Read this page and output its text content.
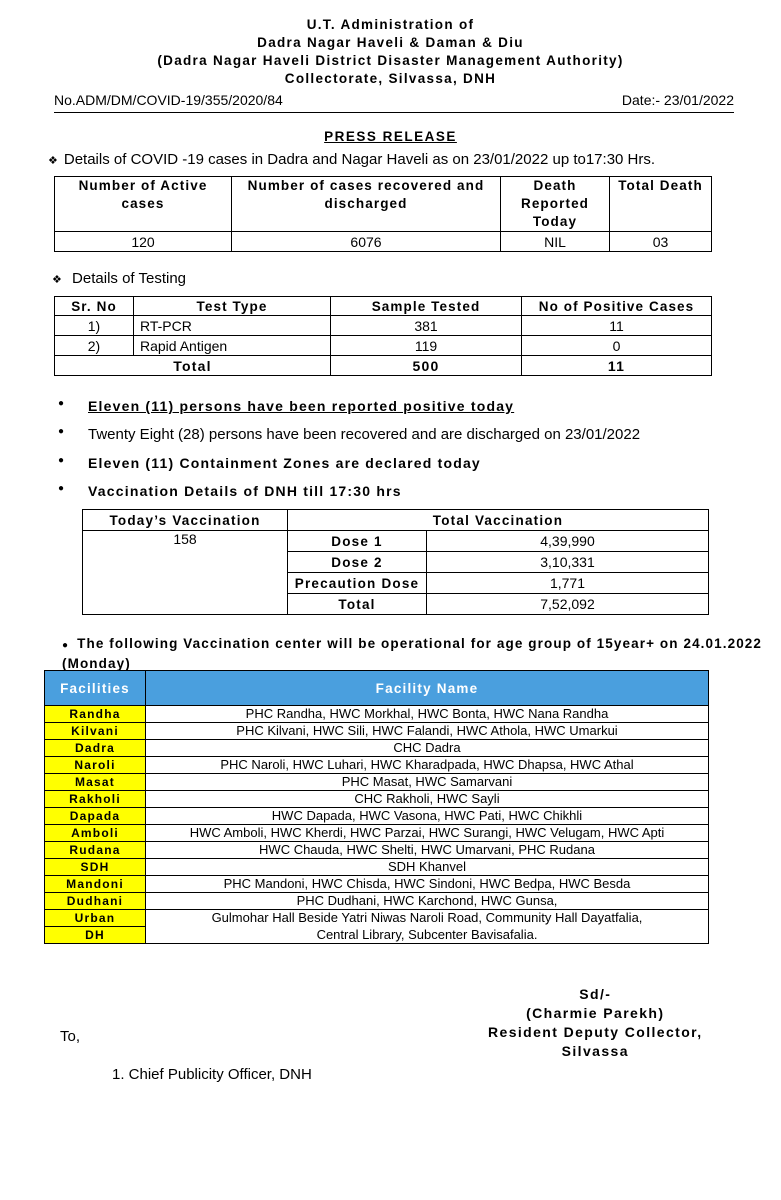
U.T. Administration of
Dadra Nagar Haveli & Daman & Diu
(Dadra Nagar Haveli District Disaster Management Authority)
Collectorate, Silvassa, DNH
No.ADM/DM/COVID-19/355/2020/84	Date:- 23/01/2022
PRESS RELEASE
❖ Details of COVID -19 cases in Dadra and Nagar Haveli as on 23/01/2022 up to17:30 Hrs.
Number of Active cases	Number of cases recovered and discharged	Death Reported Today	Total Death
120	6076	NIL	03
❖ Details of Testing
Sr. No	Test Type	Sample Tested	No of Positive Cases
1)	RT-PCR	381	11
2)	Rapid Antigen	119	0
Total		500	11
● Eleven (11) persons have been reported positive today
● Twenty Eight (28) persons have been recovered and are discharged on 23/01/2022
● Eleven (11) Containment Zones are declared today
● Vaccination Details of DNH till 17:30 hrs
Today’s Vaccination	Total Vaccination	
158	Dose 1	4,39,990
	Dose 2	3,10,331
	Precaution Dose	1,771
	Total	7,52,092
● The following Vaccination center will be operational for age group of 15year+ on 24.01.2022 (Monday)
Facilities	Facility Name
Randha	PHC Randha, HWC Morkhal, HWC Bonta, HWC Nana Randha
Kilvani	PHC Kilvani, HWC Sili, HWC Falandi, HWC Athola, HWC Umarkui
Dadra	CHC Dadra
Naroli	PHC Naroli, HWC Luhari, HWC Kharadpada, HWC Dhapsa, HWC Athal
Masat	PHC Masat, HWC Samarvani
Rakholi	CHC Rakholi, HWC Sayli
Dapada	HWC Dapada, HWC Vasona, HWC Pati, HWC Chikhli
Amboli	HWC Amboli, HWC Kherdi, HWC Parzai, HWC Surangi, HWC Velugam, HWC Apti
Rudana	HWC Chauda, HWC Shelti, HWC Umarvani, PHC Rudana
SDH	SDH Khanvel
Mandoni	PHC Mandoni, HWC Chisda, HWC Sindoni, HWC Bedpa, HWC Besda
Dudhani	PHC Dudhani, HWC Karchond, HWC Gunsa,
Urban	Gulmohar Hall Beside Yatri Niwas Naroli Road, Community Hall Dayatfalia,
DH	Central Library, Subcenter Bavisafalia.
Sd/-
(Charmie Parekh)
Resident Deputy Collector,
Silvassa
To,
1. Chief Publicity Officer, DNH
